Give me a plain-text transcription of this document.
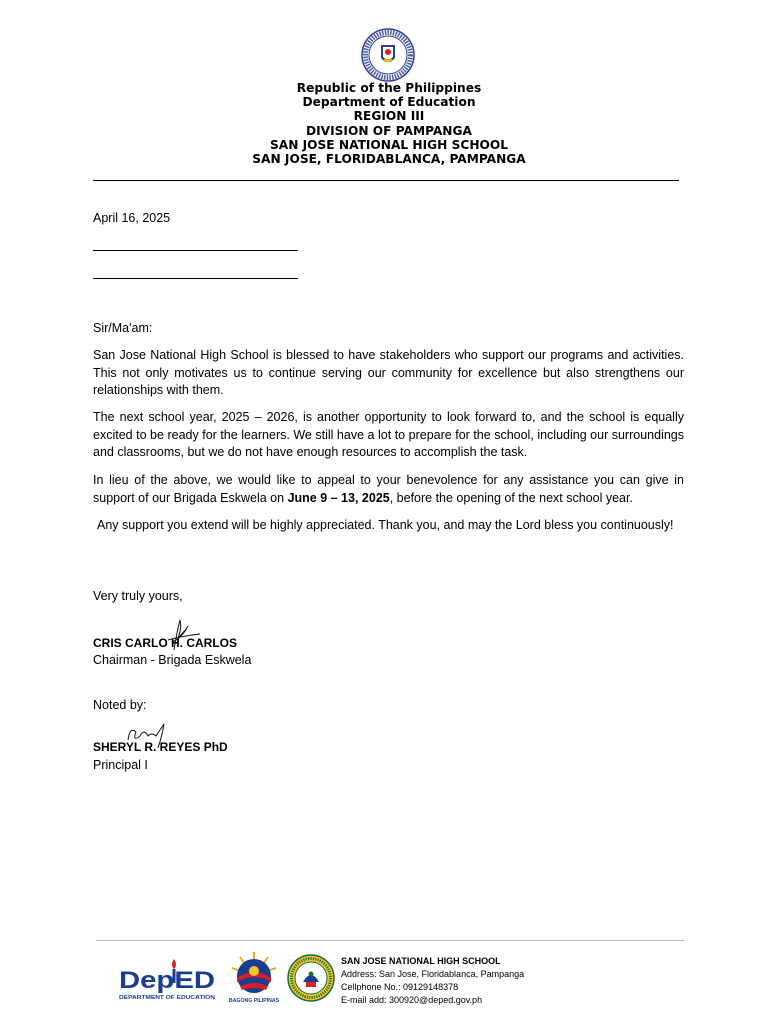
Republic of the Philippines
Department of Education
REGION III
DIVISION OF PAMPANGA
SAN JOSE NATIONAL HIGH SCHOOL
SAN JOSE, FLORIDABLANCA, PAMPANGA
April 16, 2025
Sir/Ma'am:

San Jose National High School is blessed to have stakeholders who support our programs and activities. This not only motivates us to continue serving our community for excellence but also strengthens our relationships with them.

The next school year, 2025 – 2026, is another opportunity to look forward to, and the school is equally excited to be ready for the learners. We still have a lot to prepare for the school, including our surroundings and classrooms, but we do not have enough resources to accomplish the task.

In lieu of the above, we would like to appeal to your benevolence for any assistance you can give in support of our Brigada Eskwela on June 9 – 13, 2025, before the opening of the next school year.

Any support you extend will be highly appreciated. Thank you, and may the Lord bless you continuously!

Very truly yours,
CRIS CARLO H. CARLOS
Chairman - Brigada Eskwela
Noted by:
SHERYL R. REYES PhD
Principal I
DepED
DEPARTMENT OF EDUCATION	BAGONG PILIPINAS
SAN JOSE NATIONAL HIGH SCHOOL
Address: San Jose, Floridablanca, Pampanga
Cellphone No.: 09129148378
E-mail add: 300920@deped.gov.ph
